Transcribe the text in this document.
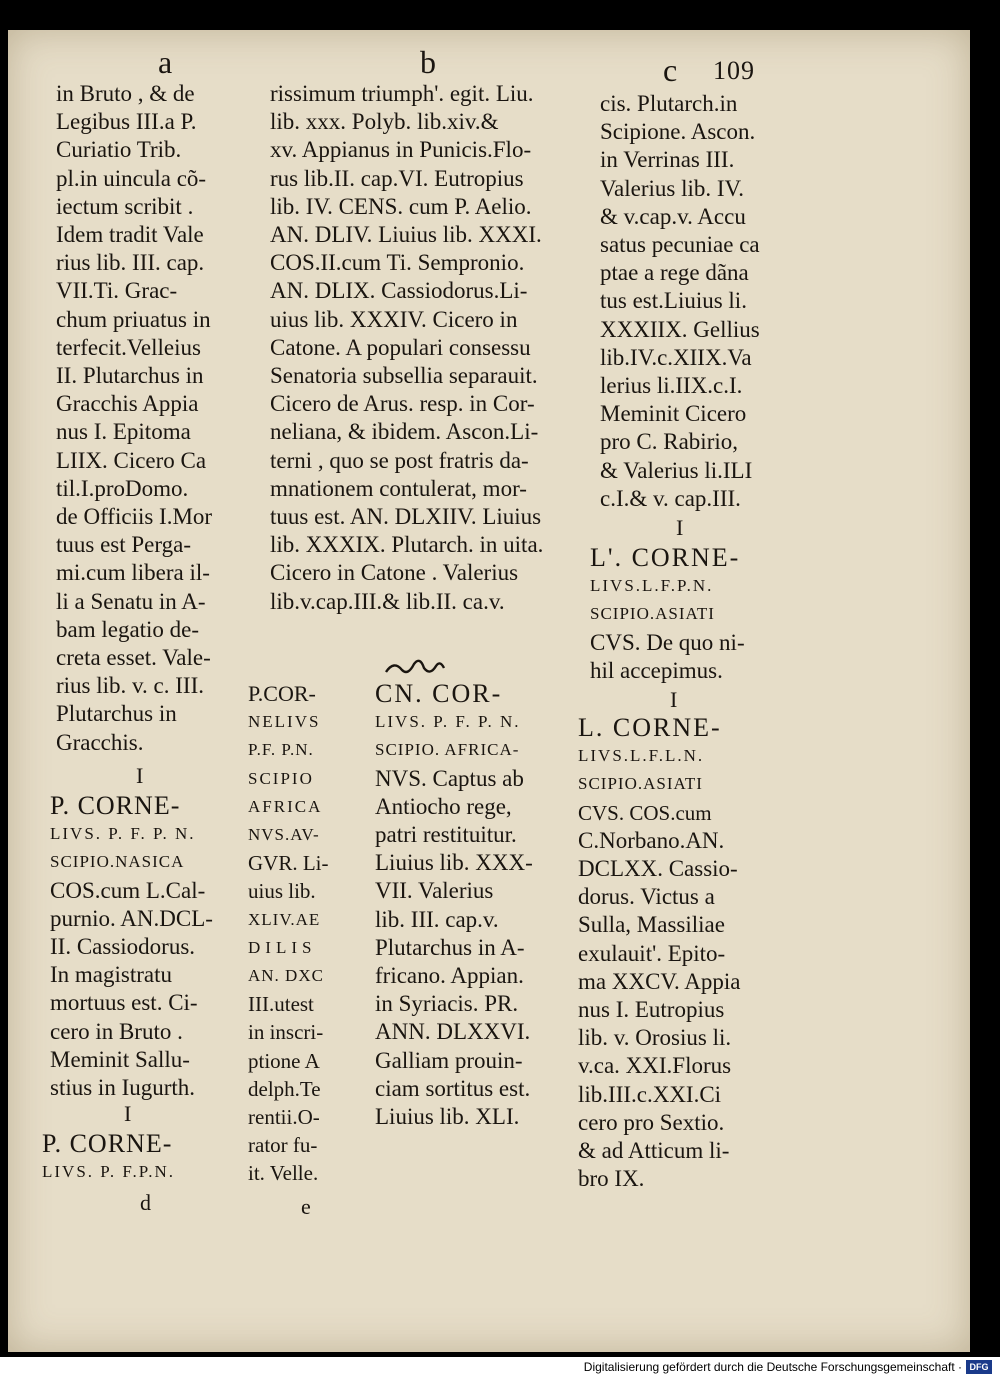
a	b	c 109
in Bruto , & de
Legibus III.a P.
Curiatio Trib.
pl.in uincula cõ-
iectum scribit .
Idem tradit Vale
rius lib. III. cap.
VII.Ti. Grac-
chum priuatus in
terfecit.Velleius
II. Plutarchus in
Gracchis Appia
nus I. Epitoma
LIIX. Cicero Ca
til.I.proDomo.
de Officiis I.Mor
tuus est Perga-
mi.cum libera il-
li a Senatu in A-
bam legatio de-
creta esset. Vale-
rius lib. v. c. III.
Plutarchus in
Gracchis.
I
P. CORNE-
LIVS. P. F. P. N.
SCIPIO.NASICA
COS.cum L.Cal-
purnio. AN.DCL-
II. Cassiodorus.
In magistratu
mortuus est. Ci-
cero in Bruto .
Meminit Sallu-
stius in Iugurth.
I
P. CORNE-
LIVS. P. F.P.N.
d
rissimum triumph'. egit. Liu.
lib. xxx. Polyb. lib.xiv.&
xv. Appianus in Punicis.Flo-
rus lib.II. cap.VI. Eutropius
lib. IV. CENS. cum P. Aelio.
AN. DLIV. Liuius lib. XXXI.
COS.II.cum Ti. Sempronio.
AN. DLIX. Cassiodorus.Li-
uius lib. XXXIV. Cicero in
Catone. A populari consessu
Senatoria subsellia separauit.
Cicero de Arus. resp. in Cor-
neliana, & ibidem. Ascon.Li-
terni , quo se post fratris da-
mnationem contulerat, mor-
tuus est. AN. DLXIIV. Liuius
lib. XXXIX. Plutarch. in uita.
Cicero in Catone . Valerius
lib.v.cap.III.& lib.II. ca.v.
P.COR-
NELIVS
P.F. P.N.
SCIPIO
AFRICA
NVS.AV-
GVR. Li-
uius lib.
XLIV.AE
DILIS
AN. DXC
III.utest
in inscri-
ptione A
delph.Te
rentii.O-
rator fu-
it. Velle.
e
CN. COR-
LIVS. P. F. P. N.
SCIPIO. AFRICA-
NVS. Captus ab
Antiocho rege,
patri restituitur.
Liuius lib. XXX-
VII. Valerius
lib. III. cap.v.
Plutarchus in A-
fricano. Appian.
in Syriacis. PR.
ANN. DLXXVI.
Galliam prouin-
ciam sortitus est.
Liuius lib. XLI.
cis. Plutarch.in
Scipione. Ascon.
in Verrinas III.
Valerius lib. IV.
& v.cap.v. Accu
satus pecuniae ca
ptae a rege dãna
tus est.Liuius li.
XXXIIX. Gellius
lib.IV.c.XIIX.Va
lerius li.IIX.c.I.
Meminit Cicero
pro C. Rabirio,
& Valerius li.ILI
c.I.& v. cap.III.
I
L'. CORNE-
LIVS.L.F.P.N.
SCIPIO.ASIATI
CVS. De quo ni-
hil accepimus.
I
L. CORNE-
LIVS.L.F.L.N.
SCIPIO.ASIATI
CVS. COS.cum
C.Norbano.AN.
DCLXX. Cassio-
dorus. Victus a
Sulla, Massiliae
exulauit'. Epito-
ma XXCV. Appia
nus I. Eutropius
lib. v. Orosius li.
v.ca. XXI.Florus
lib.III.c.XXI.Ci
cero pro Sextio.
& ad Atticum li-
bro IX.
Digitalisierung gefördert durch die Deutsche Forschungsgemeinschaft · DFG
